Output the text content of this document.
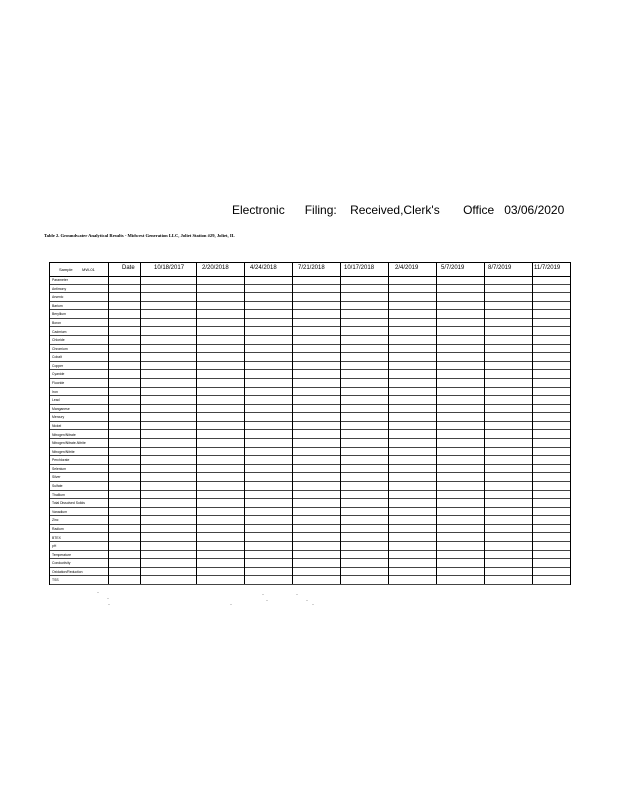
Electronic Filing: Received,Clerk's Office 03/06/2020
Table 2. Groundwater Analytical Results - Midwest Generation LLC, Joliet Station #29, Joliet, IL
Sample MW-01	Date	10/18/2017	2/20/2018	4/24/2018	7/21/2018	10/17/2018	2/4/2019	5/7/2019	8/7/2019	11/7/2019
Parameter
Antimony
Arsenic
Barium
Beryllium
Boron
Cadmium
Chloride
Chromium
Cobalt
Copper
Cyanide
Fluoride
Iron
Lead
Manganese
Mercury
Nickel
Nitrogen/Nitrate
Nitrogen/Nitrate-Nitrite
Nitrogen/Nitrite
Perchlorate
Selenium
Silver
Sulfate
Thallium
Total Dissolved Solids
Vanadium
Zinc
Radium
BTEX
pH
Temperature
Conductivity
Oxidation/Reduction
TSS
·
·
·	·
·
·
·
·
·
